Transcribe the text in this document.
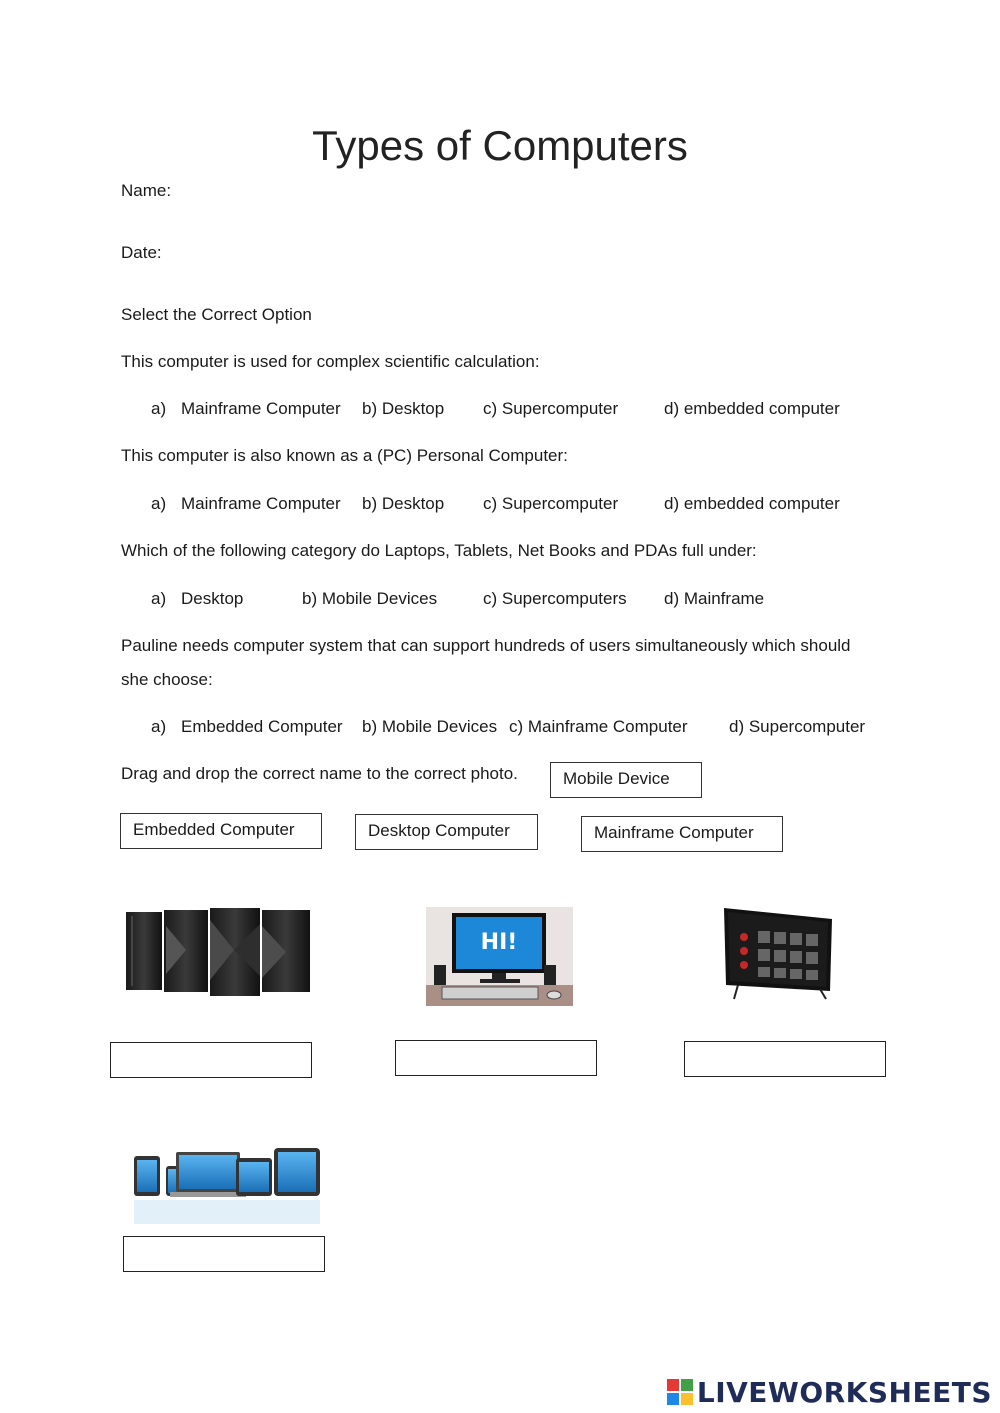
Types of Computers
Name:
Date:
Select the Correct Option
This computer is used for complex scientific calculation:
a) Mainframe Computer b) Desktop c) Supercomputer	d) embedded computer
This computer is also known as a (PC) Personal Computer:
a) Mainframe Computer b) Desktop c) Supercomputer	d) embedded computer
Which of the following category do Laptops, Tablets, Net Books and PDAs full under:
a) Desktop	b) Mobile Devices	c) Supercomputers d) Mainframe
Pauline needs computer system that can support hundreds of users simultaneously which should
she choose:
a) Embedded Computer b) Mobile Devices c) Mainframe Computer d) Supercomputer
Drag and drop the correct name to the correct photo.	Mobile Device
Embedded Computer	Desktop Computer	Mainframe Computer
HI!
LIVEWORKSHEETS
